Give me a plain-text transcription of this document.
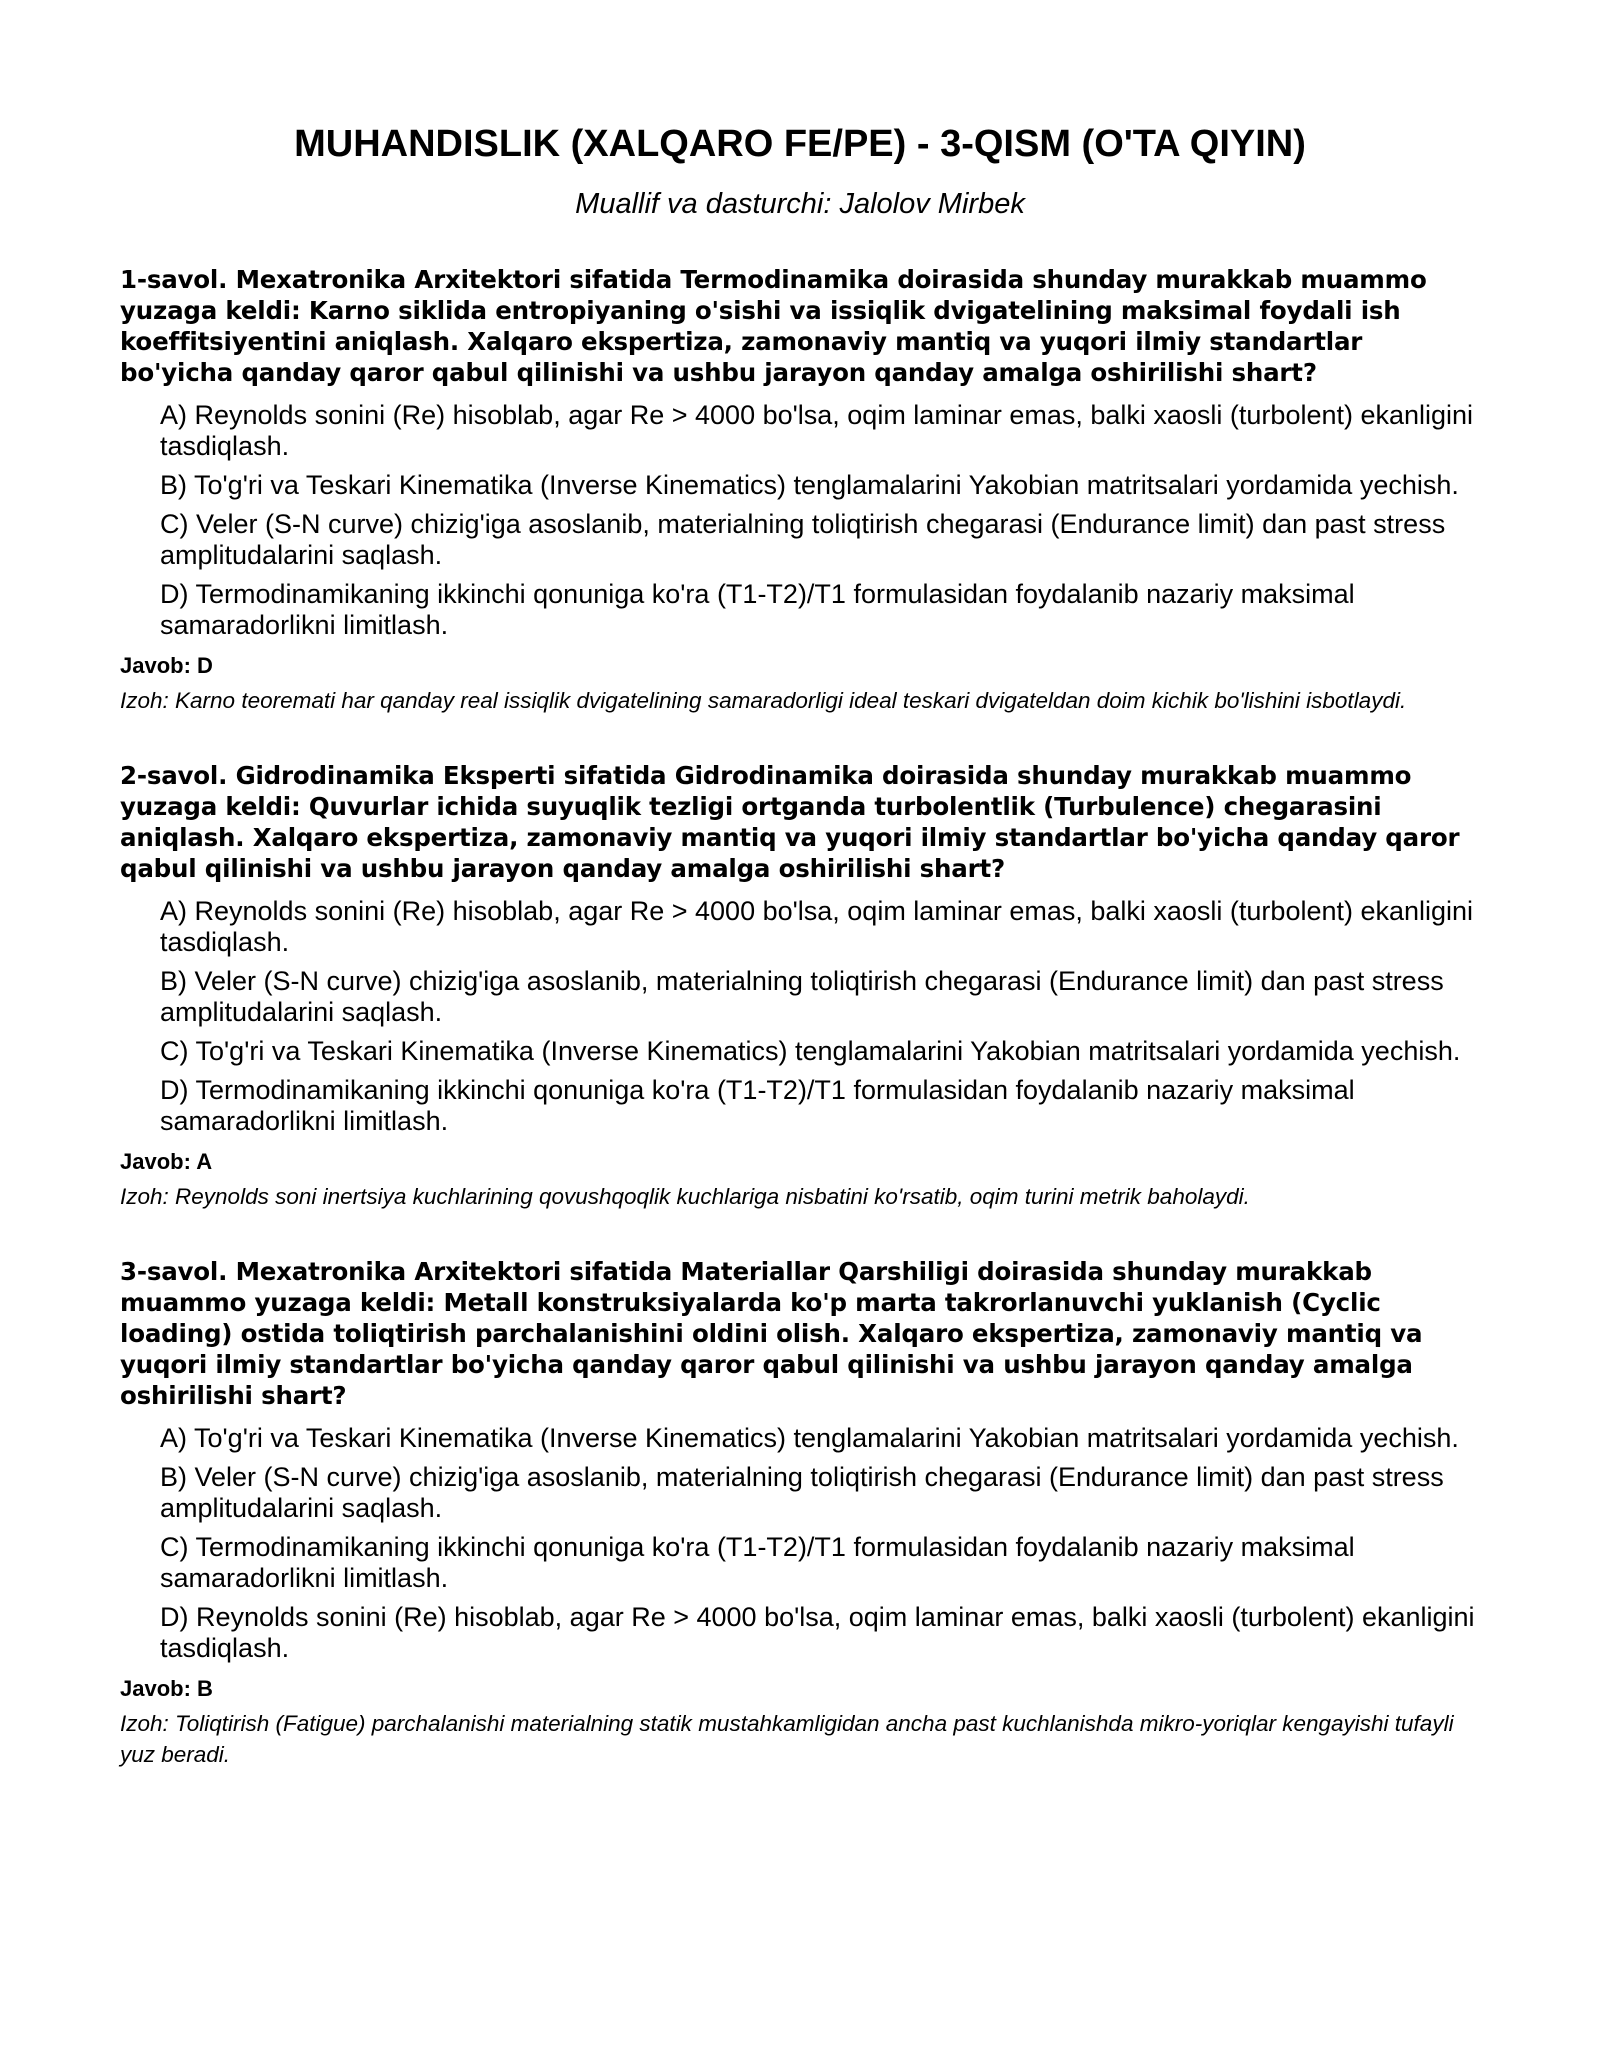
MUHANDISLIK (XALQARO FE/PE) - 3-QISM (O'TA QIYIN)

Muallif va dasturchi: Jalolov Mirbek

1-savol. Mexatronika Arxitektori sifatida Termodinamika doirasida shunday murakkab muammo yuzaga keldi: Karno siklida entropiyaning o'sishi va issiqlik dvigatelining maksimal foydali ish koeffitsiyentini aniqlash. Xalqaro ekspertiza, zamonaviy mantiq va yuqori ilmiy standartlar bo'yicha qanday qaror qabul qilinishi va ushbu jarayon qanday amalga oshirilishi shart?

A) Reynolds sonini (Re) hisoblab, agar Re > 4000 bo'lsa, oqim laminar emas, balki xaosli (turbolent) ekanligini tasdiqlash.
B) To'g'ri va Teskari Kinematika (Inverse Kinematics) tenglamalarini Yakobian matritsalari yordamida yechish.
C) Veler (S-N curve) chizig'iga asoslanib, materialning toliqtirish chegarasi (Endurance limit) dan past stress amplitudalarini saqlash.
D) Termodinamikaning ikkinchi qonuniga ko'ra (T1-T2)/T1 formulasidan foydalanib nazariy maksimal samaradorlikni limitlash.

Javob: D

Izoh: Karno teoremati har qanday real issiqlik dvigatelining samaradorligi ideal teskari dvigateldan doim kichik bo'lishini isbotlaydi.

2-savol. Gidrodinamika Eksperti sifatida Gidrodinamika doirasida shunday murakkab muammo yuzaga keldi: Quvurlar ichida suyuqlik tezligi ortganda turbolentlik (Turbulence) chegarasini aniqlash. Xalqaro ekspertiza, zamonaviy mantiq va yuqori ilmiy standartlar bo'yicha qanday qaror qabul qilinishi va ushbu jarayon qanday amalga oshirilishi shart?

A) Reynolds sonini (Re) hisoblab, agar Re > 4000 bo'lsa, oqim laminar emas, balki xaosli (turbolent) ekanligini tasdiqlash.
B) Veler (S-N curve) chizig'iga asoslanib, materialning toliqtirish chegarasi (Endurance limit) dan past stress amplitudalarini saqlash.
C) To'g'ri va Teskari Kinematika (Inverse Kinematics) tenglamalarini Yakobian matritsalari yordamida yechish.
D) Termodinamikaning ikkinchi qonuniga ko'ra (T1-T2)/T1 formulasidan foydalanib nazariy maksimal samaradorlikni limitlash.

Javob: A

Izoh: Reynolds soni inertsiya kuchlarining qovushqoqlik kuchlariga nisbatini ko'rsatib, oqim turini metrik baholaydi.

3-savol. Mexatronika Arxitektori sifatida Materiallar Qarshiligi doirasida shunday murakkab muammo yuzaga keldi: Metall konstruksiyalarda ko'p marta takrorlanuvchi yuklanish (Cyclic loading) ostida toliqtirish parchalanishini oldini olish. Xalqaro ekspertiza, zamonaviy mantiq va yuqori ilmiy standartlar bo'yicha qanday qaror qabul qilinishi va ushbu jarayon qanday amalga oshirilishi shart?

A) To'g'ri va Teskari Kinematika (Inverse Kinematics) tenglamalarini Yakobian matritsalari yordamida yechish.
B) Veler (S-N curve) chizig'iga asoslanib, materialning toliqtirish chegarasi (Endurance limit) dan past stress amplitudalarini saqlash.
C) Termodinamikaning ikkinchi qonuniga ko'ra (T1-T2)/T1 formulasidan foydalanib nazariy maksimal samaradorlikni limitlash.
D) Reynolds sonini (Re) hisoblab, agar Re > 4000 bo'lsa, oqim laminar emas, balki xaosli (turbolent) ekanligini tasdiqlash.

Javob: B

Izoh: Toliqtirish (Fatigue) parchalanishi materialning statik mustahkamligidan ancha past kuchlanishda mikro-yoriqlar kengayishi tufayli yuz beradi.
